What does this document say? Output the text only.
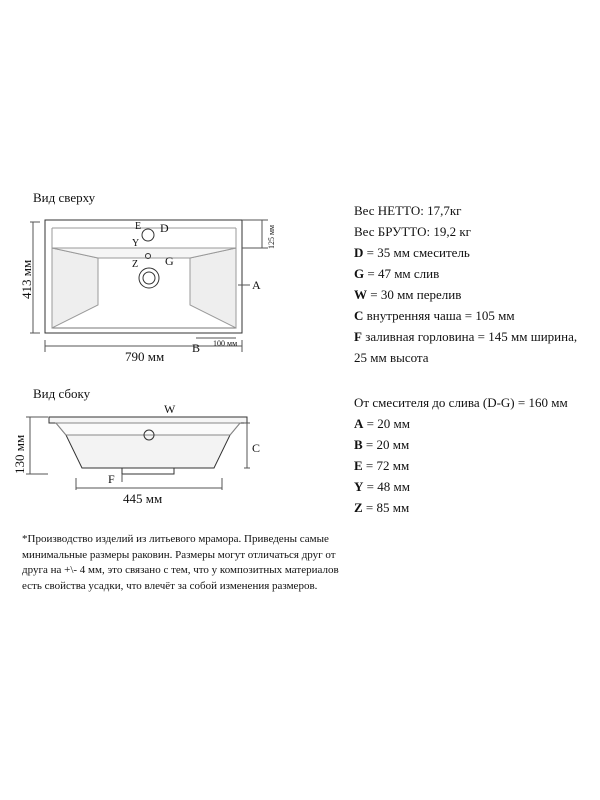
Вид сверху
E D
Y
Z G
A
B 100 мм
790 мм
413 мм
125 мм
W
C
F
445 мм
130 мм
Вид сбоку
Вес НЕТТО: 17,7кг
Вес БРУТТО: 19,2 кг
D = 35 мм смеситель
G = 47 мм слив
W = 30 мм перелив
C внутренняя чаша = 105 мм
F заливная горловина = 145 мм ширина,
25 мм высота
От смесителя до слива (D-G) = 160 мм
A = 20 мм
B = 20 мм
E = 72 мм
Y = 48 мм
Z = 85 мм
*Производство изделий из литьевого мрамора. Приведены самые минимальные размеры раковин. Размеры могут отличаться друг от друга на +\- 4 мм, это связано с тем, что у композитных материалов есть свойства усадки, что влечёт за собой изменения размеров.
